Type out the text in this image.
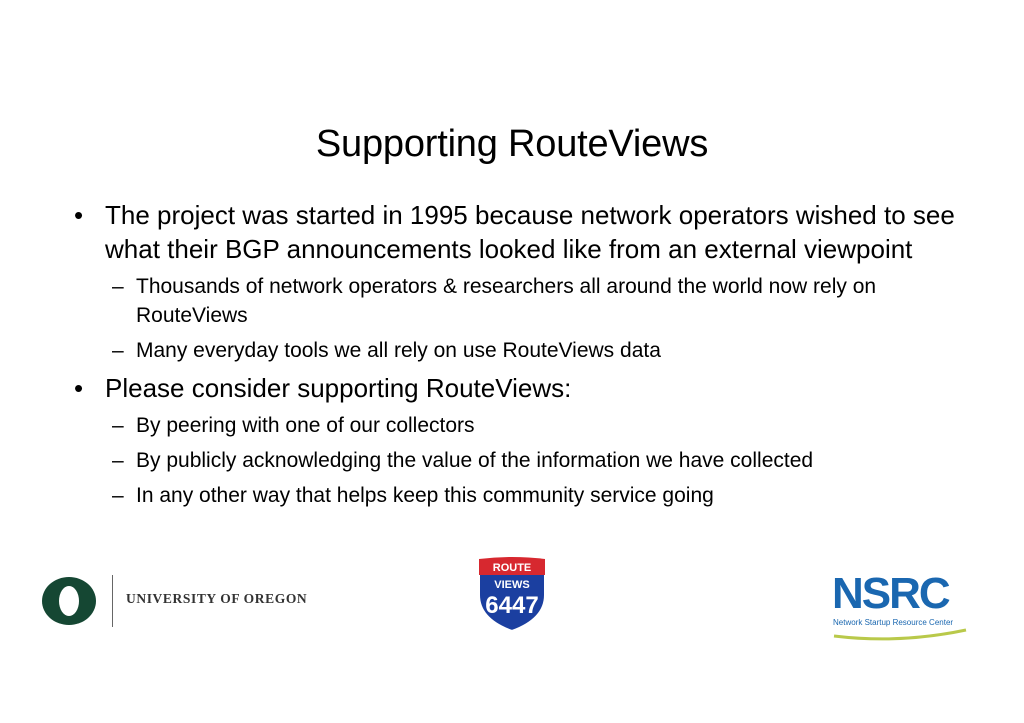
Supporting RouteViews
• The project was started in 1995 because network operators wished to see what their BGP announcements looked like from an external viewpoint
– Thousands of network operators & researchers all around the world now rely on RouteViews
– Many everyday tools we all rely on use RouteViews data
• Please consider supporting RouteViews:
– By peering with one of our collectors
– By publicly acknowledging the value of the information we have collected
– In any other way that helps keep this community service going
UNIVERSITY OF OREGON
ROUTE
VIEWS
6447	NSRC
Network Startup Resource Center
